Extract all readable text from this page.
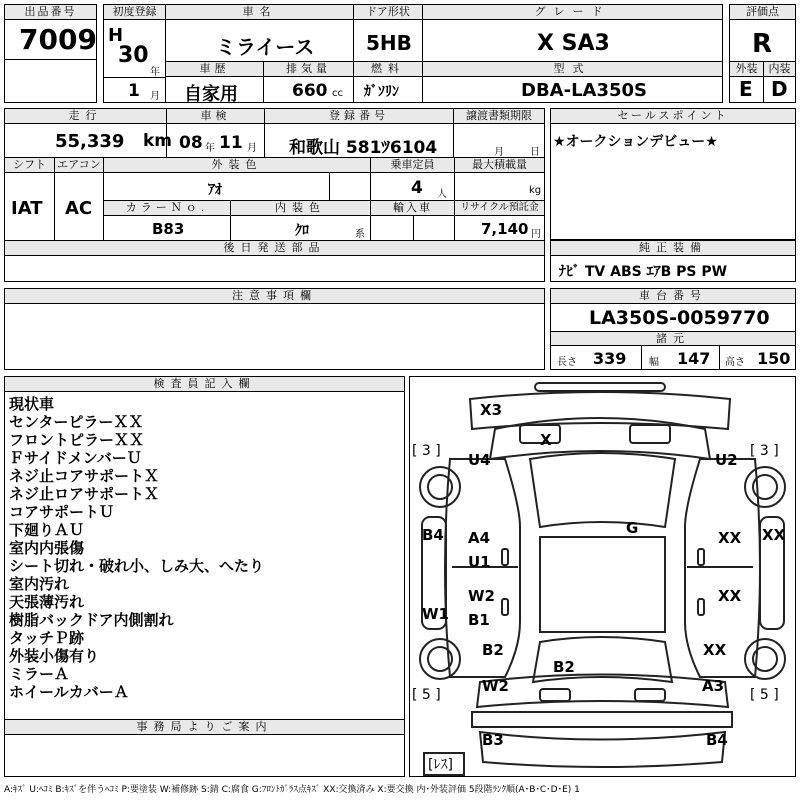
出品番号
7009
初度登録
H
30
年
1 月
車名
ミライース
ドア形状
5HB
グレード
X SA3
評価点
R
車歴
自家用
排気量
660 cc
燃料
ｶﾞｿﾘﾝ
型式
DBA-LA350S
外装
E
内装
D
走行
55,339 km
車検
08 年 11 月
登録番号
和歌山 581ﾂ6104
譲渡書類期限
月	日
セールスポイント
★オークションデビュー★
シフト
IAT
エアコン
AC
外装色
ｱｵ
乗車定員
4 人
最大積載量
kg
カラーＮｏ.
B83
内装色
ｸﾛ	系
輸入車	リサイクル預託金
7,140 円
後日発送部品	純正装備
ﾅﾋﾞ TV ABS ｴｱB PS PW
注意事項欄	車台番号
LA350S-0059770
諸元
長さ 339 幅 147 高さ 150
検査員記入欄
現状車
センターピラーＸＸ
フロントピラーＸＸ
ＦサイドメンバーＵ
ネジ止コアサポートＸ
ネジ止ロアサポートＸ
コアサポートＵ
下廻りＡＵ
室内内張傷
シート切れ・破れ小、しみ大、へたり
室内汚れ
天張薄汚れ
樹脂バックドア内側割れ
タッチＰ跡
外装小傷有り
ミラーＡ
ホイールカバーＡ
事務局よりご案内
X3
X
U4	U2
G
B4	XX
A4
U1
XX
W2
B1
XX
W1
B2	XX
B2
W2	A3
B3	B4
[ 3 ]	[ 3 ]
[ 5 ]	[ 5 ]
[ﾚｽ]
A:ｷｽﾞ U:ﾍｺﾐ B:ｷｽﾞを伴うﾍｺﾐ P:要塗装 W:補修跡 S:錆 C:腐食 G:ﾌﾛﾝﾄｶﾞﾗｽ点ｷｽﾞ XX:交換済み X:要交換 内･外装評価 5段階ﾗﾝｸ順(A･B･C･D･E) 1
